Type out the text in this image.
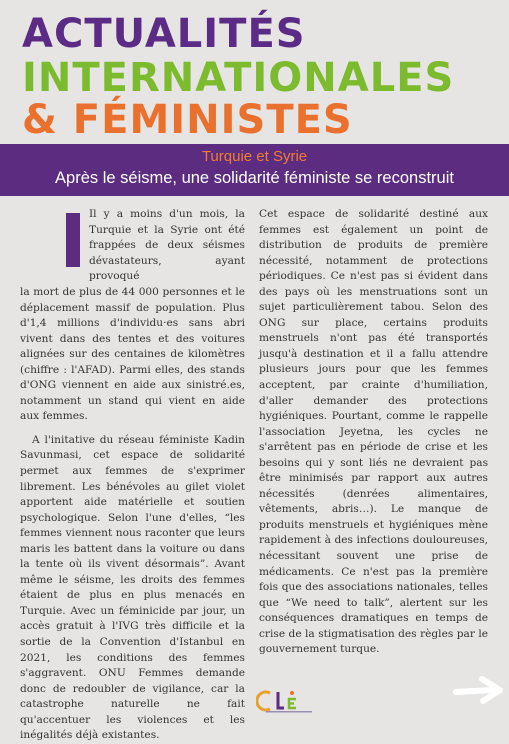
ACTUALITÉS
INTERNATIONALES
& FÉMINISTES
Turquie et Syrie
Après le séisme, une solidarité féministe se reconstruit

Il y a moins d'un mois, la Turquie et la Syrie ont été frappées de deux séismes dévastateurs, ayant provoqué

la mort de plus de 44 000 personnes et le déplacement massif de population. Plus d'1,4 millions d'individu·es sans abri vivent dans des tentes et des voitures alignées sur des centaines de kilomètres (chiffre : l'AFAD). Parmi elles, des stands d'ONG viennent en aide aux sinistré.es, notamment un stand qui vient en aide aux femmes.

A l'initative du réseau féministe Kadin Savunmasi, cet espace de solidarité permet aux femmes de s'exprimer librement. Les bénévoles au gilet violet apportent aide matérielle et soutien psychologique. Selon l'une d'elles, “les femmes viennent nous raconter que leurs maris les battent dans la voiture ou dans la tente où ils vivent désormais”. Avant même le séisme, les droits des femmes étaient de plus en plus menacés en Turquie. Avec un féminicide par jour, un accès gratuit à l'IVG très difficile et la sortie de la Convention d'Istanbul en 2021, les conditions des femmes s'aggravent. ONU Femmes demande donc de redoubler de vigilance, car la catastrophe naturelle ne fait qu'accentuer les violences et les inégalités déjà existantes.

Cet espace de solidarité destiné aux femmes est également un point de distribution de produits de première nécessité, notamment de protections périodiques. Ce n'est pas si évident dans des pays où les menstruations sont un sujet particulièrement tabou. Selon des ONG sur place, certains produits menstruels n'ont pas été transportés jusqu'à destination et il a fallu attendre plusieurs jours pour que les femmes acceptent, par crainte d'humiliation, d'aller demander des protections hygiéniques. Pourtant, comme le rappelle l'association Jeyetna, les cycles ne s'arrêtent pas en période de crise et les besoins qui y sont liés ne devraient pas être minimisés par rapport aux autres nécessités (denrées alimentaires, vêtements, abris…). Le manque de produits menstruels et hygiéniques mène rapidement à des infections douloureuses, nécessitant souvent une prise de médicaments. Ce n'est pas la première fois que des associations nationales, telles que “We need to talk”, alertent sur les conséquences dramatiques en temps de crise de la stigmatisation des règles par le gouvernement turque.
